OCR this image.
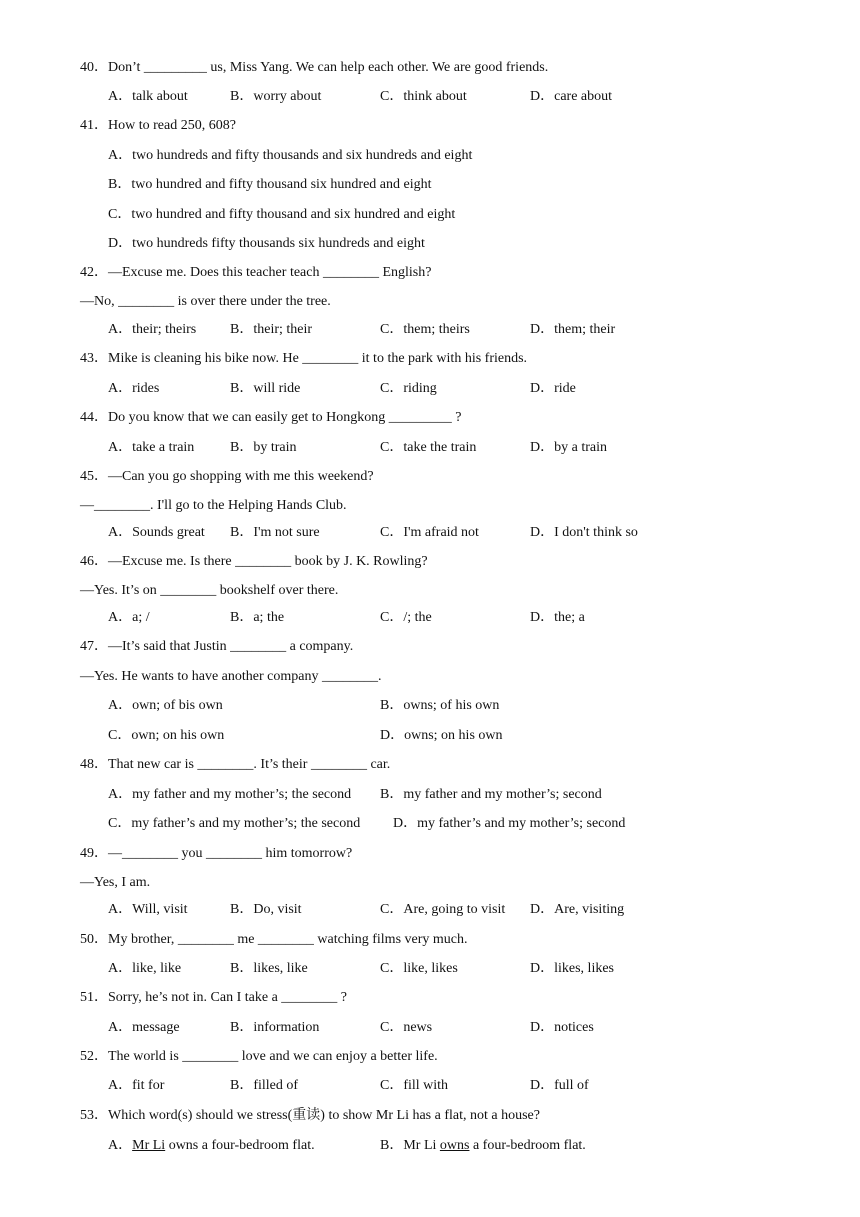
40．Don’t _________ us, Miss Yang. We can help each other. We are good friends.
A．talk about	B．worry about	C．think about	D．care about
41．How to read 250, 608?
A．two hundreds and fifty thousands and six hundreds and eight
B．two hundred and fifty thousand six hundred and eight
C．two hundred and fifty thousand and six hundred and eight
D．two hundreds fifty thousands six hundreds and eight
42．—Excuse me. Does this teacher teach ________ English?
—No, ________ is over there under the tree.
A．their; theirs B．their; their	C．them; theirs	D．them; their
43．Mike is cleaning his bike now. He ________ it to the park with his friends.
A．rides	B．will ride	C．riding	D．ride
44．Do you know that we can easily get to Hongkong _________ ?
A．take a train	B．by train	C．take the train	D．by a train
45．—Can you go shopping with me this weekend?
—________. I'll go to the Helping Hands Club.
A．Sounds great B．I'm not sure	C．I'm afraid not	D．I don't think so
46．—Excuse me. Is there ________ book by J. K. Rowling?
—Yes. It’s on ________ bookshelf over there.
A．a; /	B．a; the	C．/; the	D．the; a
47．—It’s said that Justin ________ a company.
—Yes. He wants to have another company ________.
A．own; of bis own	B．owns; of his own
C．own; on his own	D．owns; on his own
48．That new car is ________. It’s their ________ car.
A．my father and my mother’s; the second B．my father and my mother’s; second
C．my father’s and my mother’s; the second D．my father’s and my mother’s; second
49．—________ you ________ him tomorrow?
—Yes, I am.
A．Will, visit	B．Do, visit	C．Are, going to visit D．Are, visiting
50．My brother, ________ me ________ watching films very much.
A．like, like	B．likes, like	C．like, likes	D．likes, likes
51．Sorry, he’s not in. Can I take a ________ ?
A．message	B．information	C．news	D．notices
52．The world is ________ love and we can enjoy a better life.
A．fit for	B．filled of	C．fill with	D．full of
53．Which word(s) should we stress(重读) to show Mr Li has a flat, not a house?
A．Mr Li owns a four-bedroom flat.	B．Mr Li owns a four-bedroom flat.
